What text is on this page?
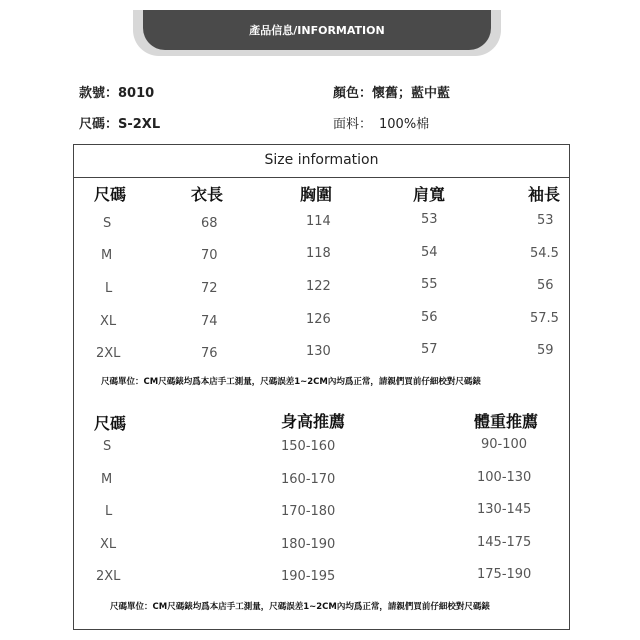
產品信息/INFORMATION
款號：8010
尺碼：S-2XL
顏色：懷舊；藍中藍
面料： 100%棉
Size information
尺碼	衣長	胸圍	肩寬	袖長
S	68	114	53	53
M	70	118	54	54.5
L	72	122	55	56
XL	74	126	56	57.5
2XL	76	130	57	59
尺碼單位：CM尺碼錶均爲本店手工測量，尺碼誤差1~2CM內均爲正常，請親們買前仔細校對尺碼錶
尺碼	身高推薦	體重推薦
S	150-160	90-100
M	160-170	100-130
L	170-180	130-145
XL	180-190	145-175
2XL	190-195	175-190
尺碼單位：CM尺碼錶均爲本店手工測量，尺碼誤差1~2CM內均爲正常，請親們買前仔細校對尺碼錶
